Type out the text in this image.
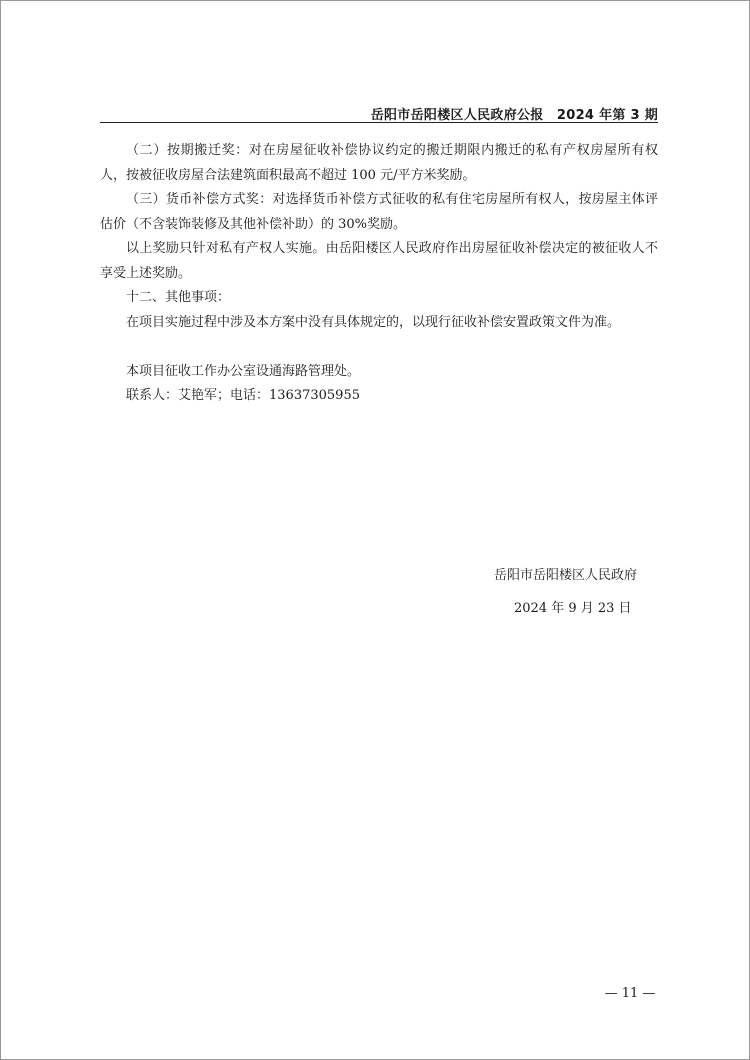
岳阳市岳阳楼区人民政府公报　2024 年第 3 期

（二）按期搬迁奖：对在房屋征收补偿协议约定的搬迁期限内搬迁的私有产权房屋所有权人，按被征收房屋合法建筑面积最高不超过 100 元/平方米奖励。

（三）货币补偿方式奖：对选择货币补偿方式征收的私有住宅房屋所有权人，按房屋主体评估价（不含装饰装修及其他补偿补助）的 30%奖励。

以上奖励只针对私有产权人实施。由岳阳楼区人民政府作出房屋征收补偿决定的被征收人不享受上述奖励。

十二、其他事项：

在项目实施过程中涉及本方案中没有具体规定的，以现行征收补偿安置政策文件为准。

本项目征收工作办公室设通海路管理处。

联系人：艾艳军；电话：13637305955

岳阳市岳阳楼区人民政府
2024 年 9 月 23 日
— 11 —
